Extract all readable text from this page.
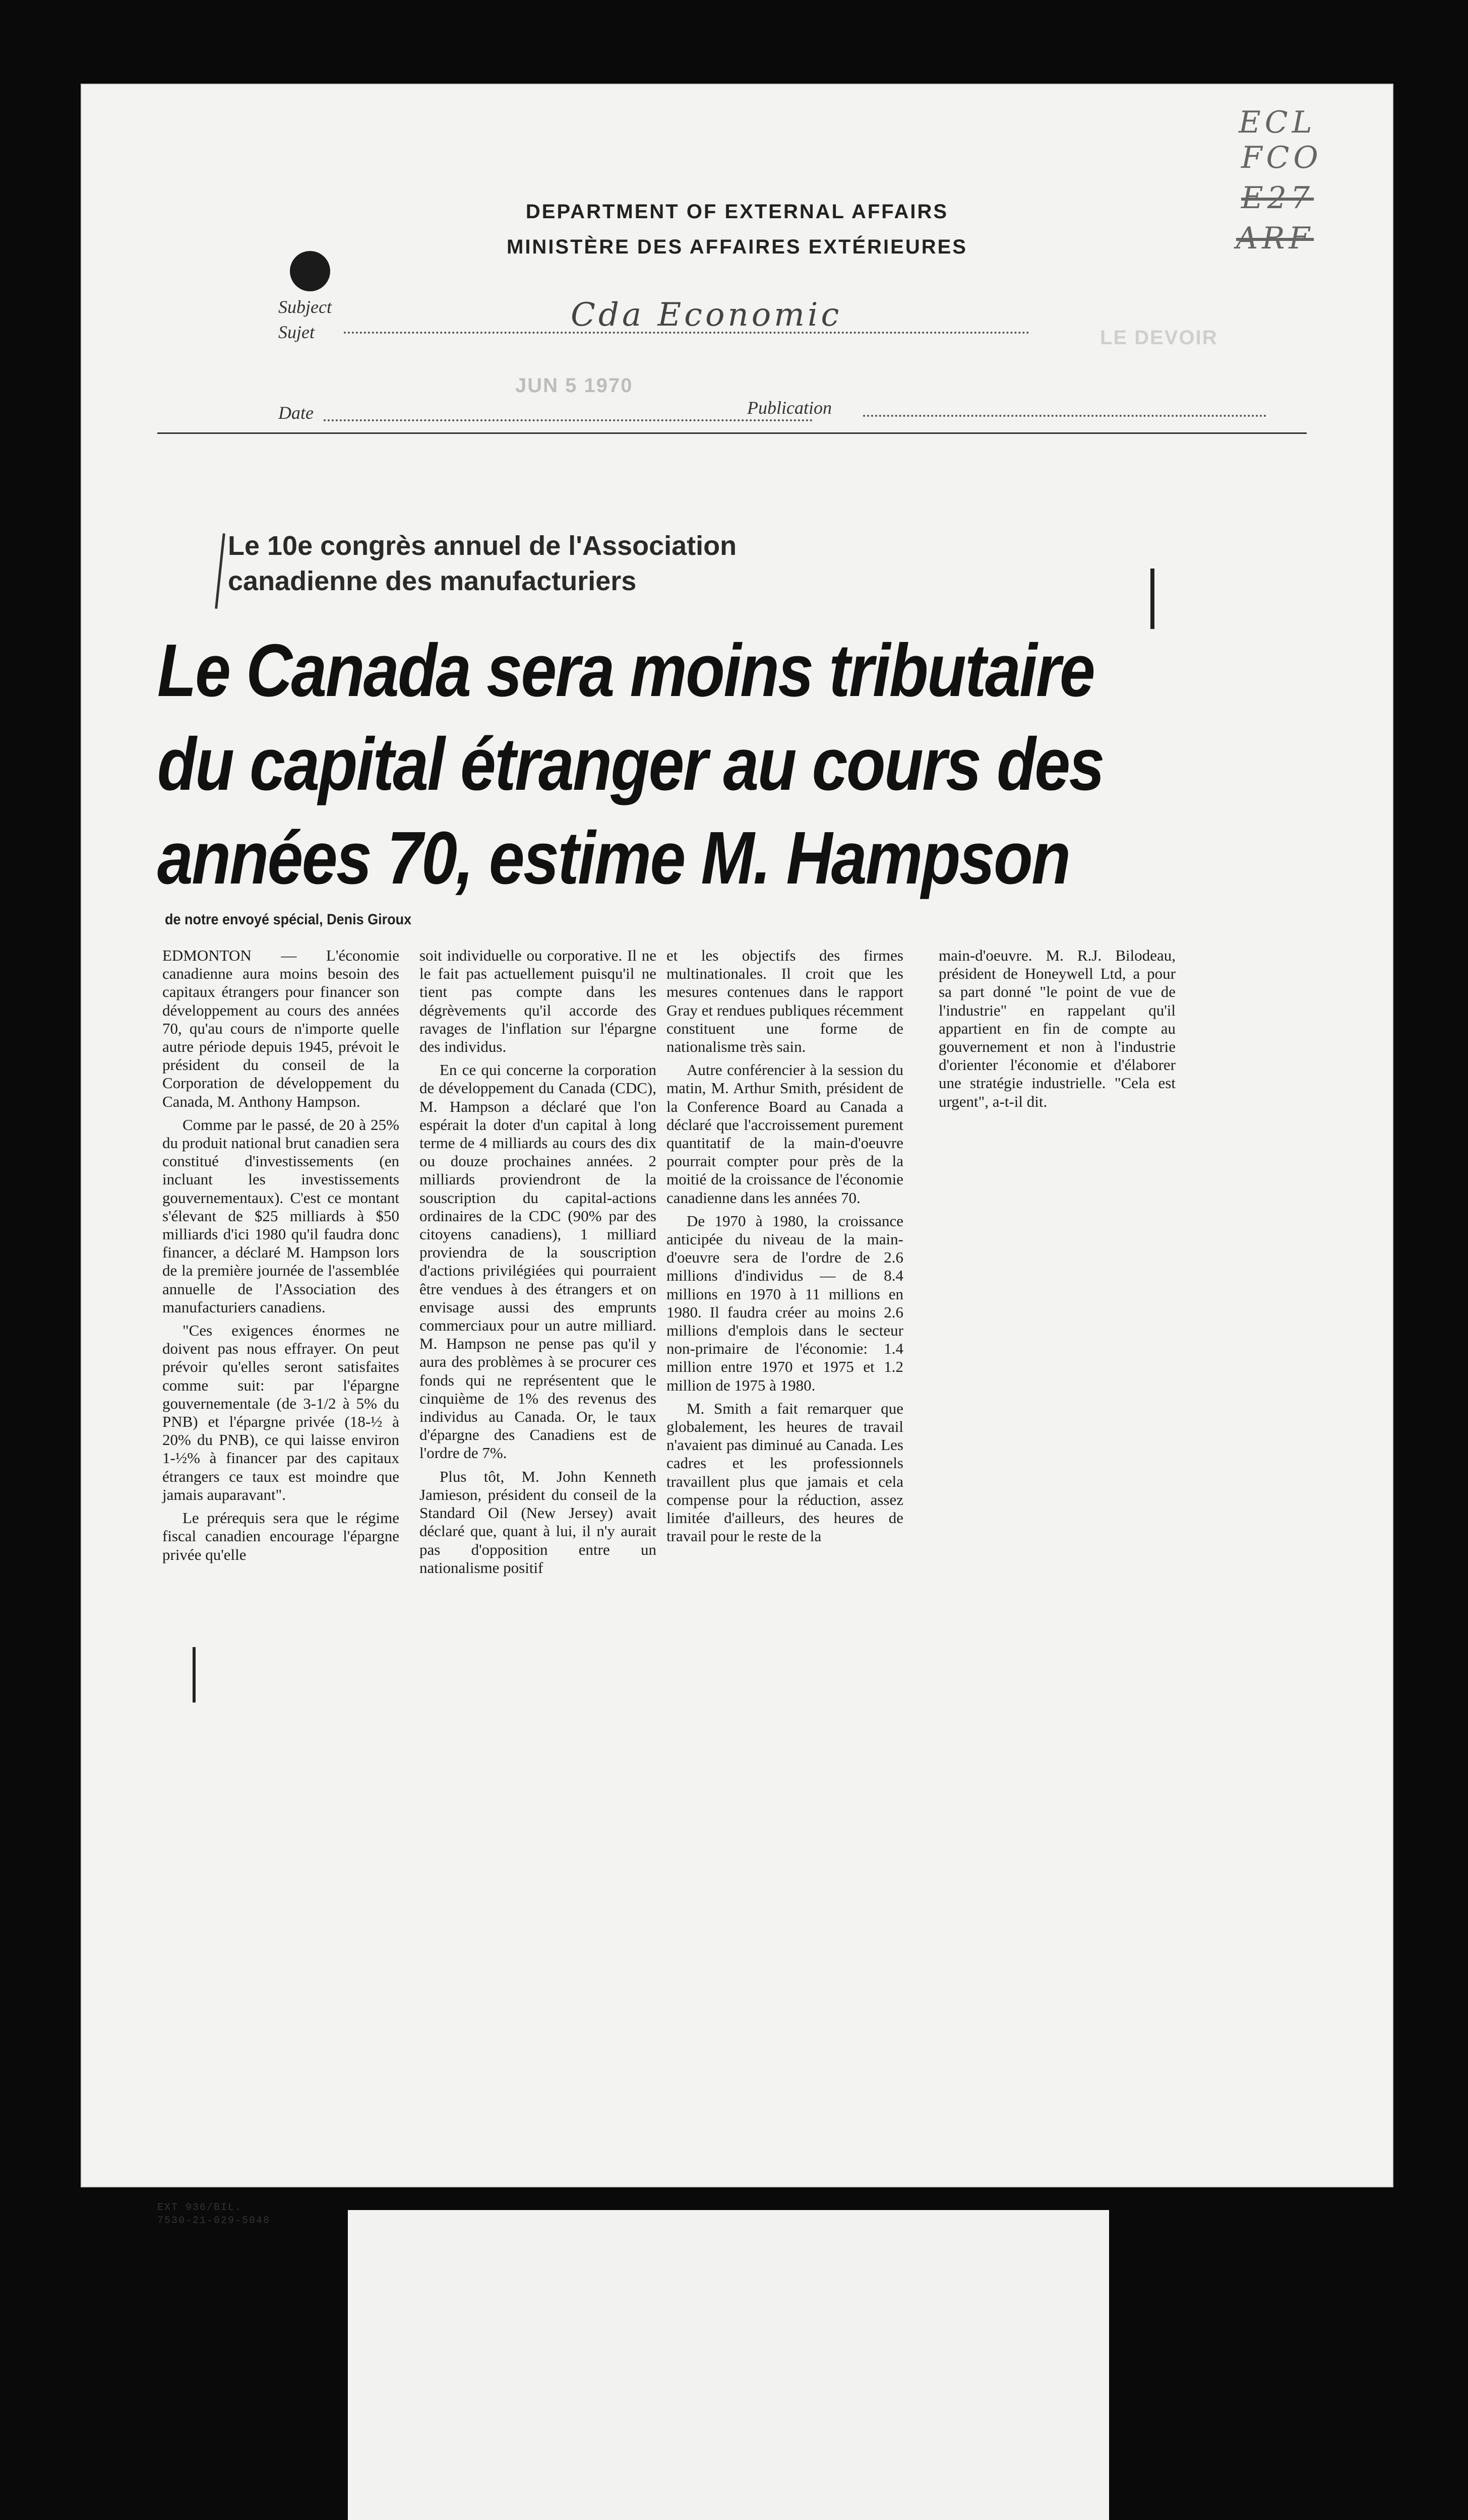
DEPARTMENT OF EXTERNAL AFFAIRS
MINISTÈRE DES AFFAIRES EXTÉRIEURES
ECL
FCO
E27
ARF
Subject
Sujet	Cda Economic
LE DEVOIR
Date
JUN 5 1970
Publication
Le 10e congrès annuel de l'Association
canadienne des manufacturiers
Le Canada sera moins tributaire
du capital étranger au cours des
années 70, estime M. Hampson
de notre envoyé spécial, Denis Giroux

EDMONTON — L'économie canadienne aura moins besoin des capitaux étrangers pour financer son développement au cours des années 70, qu'au cours de n'importe quelle autre période depuis 1945, prévoit le président du conseil de la Corporation de développement du Canada, M. Anthony Hampson.

Comme par le passé, de 20 à 25% du produit national brut canadien sera constitué d'investissements (en incluant les investissements gouvernementaux). C'est ce montant s'élevant de $25 milliards à $50 milliards d'ici 1980 qu'il faudra donc financer, a déclaré M. Hampson lors de la première journée de l'assemblée annuelle de l'Association des manufacturiers canadiens.

"Ces exigences énormes ne doivent pas nous effrayer. On peut prévoir qu'elles seront satisfaites comme suit: par l'épargne gouvernementale (de 3-1/2 à 5% du PNB) et l'épargne privée (18-½ à 20% du PNB), ce qui laisse environ 1-½% à financer par des capitaux étrangers ce taux est moindre que jamais auparavant".

Le prérequis sera que le régime fiscal canadien encourage l'épargne privée qu'elle

soit individuelle ou corporative. Il ne le fait pas actuellement puisqu'il ne tient pas compte dans les dégrèvements qu'il accorde des ravages de l'inflation sur l'épargne des individus.

En ce qui concerne la corporation de développement du Canada (CDC), M. Hampson a déclaré que l'on espérait la doter d'un capital à long terme de 4 milliards au cours des dix ou douze prochaines années. 2 milliards proviendront de la souscription du capital-actions ordinaires de la CDC (90% par des citoyens canadiens), 1 milliard proviendra de la souscription d'actions privilégiées qui pourraient être vendues à des étrangers et on envisage aussi des emprunts commerciaux pour un autre milliard. M. Hampson ne pense pas qu'il y aura des problèmes à se procurer ces fonds qui ne représentent que le cinquième de 1% des revenus des individus au Canada. Or, le taux d'épargne des Canadiens est de l'ordre de 7%.

Plus tôt, M. John Kenneth Jamieson, président du conseil de la Standard Oil (New Jersey) avait déclaré que, quant à lui, il n'y aurait pas d'opposition entre un nationalisme positif

et les objectifs des firmes multinationales. Il croit que les mesures contenues dans le rapport Gray et rendues publiques récemment constituent une forme de nationalisme très sain.

Autre conférencier à la session du matin, M. Arthur Smith, président de la Conference Board au Canada a déclaré que l'accroissement purement quantitatif de la main-d'oeuvre pourrait compter pour près de la moitié de la croissance de l'économie canadienne dans les années 70.

De 1970 à 1980, la croissance anticipée du niveau de la main-d'oeuvre sera de l'ordre de 2.6 millions d'individus — de 8.4 millions en 1970 à 11 millions en 1980. Il faudra créer au moins 2.6 millions d'emplois dans le secteur non-primaire de l'économie: 1.4 million entre 1970 et 1975 et 1.2 million de 1975 à 1980.

M. Smith a fait remarquer que globalement, les heures de travail n'avaient pas diminué au Canada. Les cadres et les professionnels travaillent plus que jamais et cela compense pour la réduction, assez limitée d'ailleurs, des heures de travail pour le reste de la

main-d'oeuvre. M. R.J. Bilodeau, président de Honeywell Ltd, a pour sa part donné "le point de vue de l'industrie" en rappelant qu'il appartient en fin de compte au gouvernement et non à l'industrie d'orienter l'économie et d'élaborer une stratégie industrielle. "Cela est urgent", a-t-il dit.

EXT 936/BIL.
7530-21-029-5048
